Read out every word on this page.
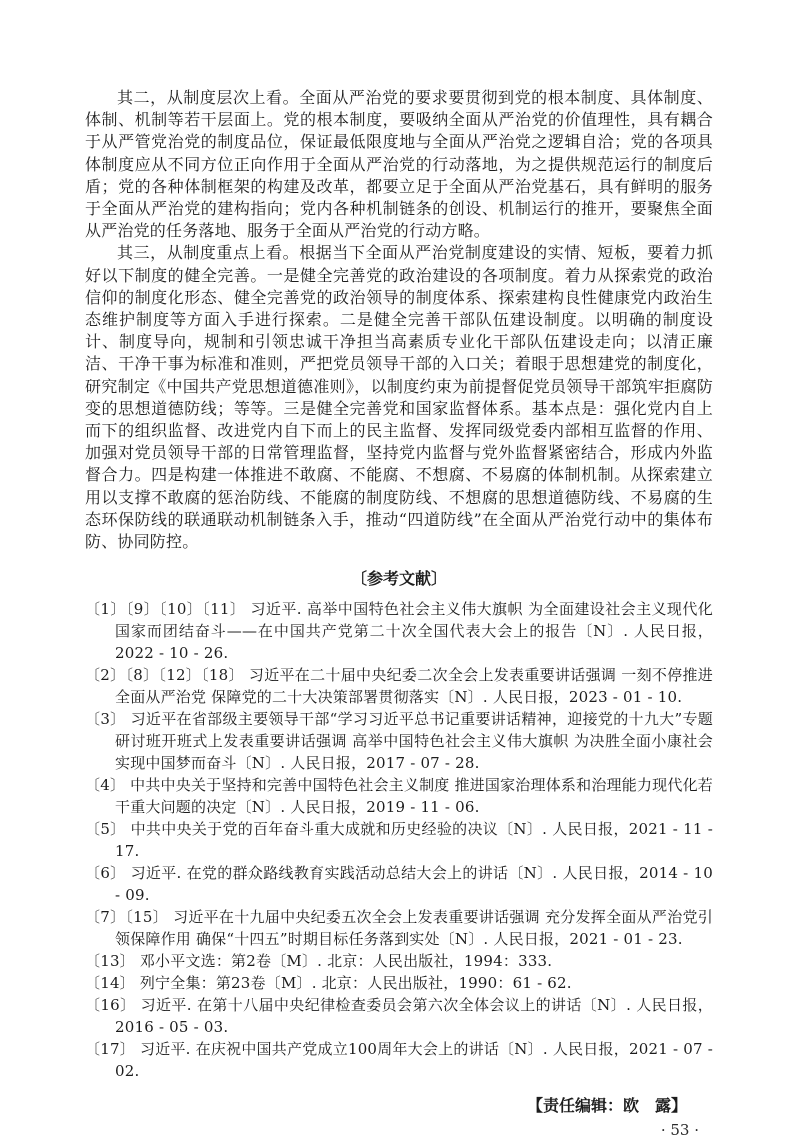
其二，从制度层次上看。全面从严治党的要求要贯彻到党的根本制度、具体制度、体制、机制等若干层面上。党的根本制度，要吸纳全面从严治党的价值理性，具有耦合于从严管党治党的制度品位，保证最低限度地与全面从严治党之逻辑自洽；党的各项具体制度应从不同方位正向作用于全面从严治党的行动落地，为之提供规范运行的制度后盾；党的各种体制框架的构建及改革，都要立足于全面从严治党基石，具有鲜明的服务于全面从严治党的建构指向；党内各种机制链条的创设、机制运行的推开，要聚焦全面从严治党的任务落地、服务于全面从严治党的行动方略。

其三，从制度重点上看。根据当下全面从严治党制度建设的实情、短板，要着力抓好以下制度的健全完善。一是健全完善党的政治建设的各项制度。着力从探索党的政治信仰的制度化形态、健全完善党的政治领导的制度体系、探索建构良性健康党内政治生态维护制度等方面入手进行探索。二是健全完善干部队伍建设制度。以明确的制度设计、制度导向，规制和引领忠诚干净担当高素质专业化干部队伍建设走向；以清正廉洁、干净干事为标准和准则，严把党员领导干部的入口关；着眼于思想建党的制度化，研究制定《中国共产党思想道德准则》，以制度约束为前提督促党员领导干部筑牢拒腐防变的思想道德防线；等等。三是健全完善党和国家监督体系。基本点是：强化党内自上而下的组织监督、改进党内自下而上的民主监督、发挥同级党委内部相互监督的作用、加强对党员领导干部的日常管理监督，坚持党内监督与党外监督紧密结合，形成内外监督合力。四是构建一体推进不敢腐、不能腐、不想腐、不易腐的体制机制。从探索建立用以支撑不敢腐的惩治防线、不能腐的制度防线、不想腐的思想道德防线、不易腐的生态环保防线的联通联动机制链条入手，推动“四道防线”在全面从严治党行动中的集体布防、协同防控。

〔参考文献〕
〔1〕〔9〕〔10〕〔11〕 习近平. 高举中国特色社会主义伟大旗帜 为全面建设社会主义现代化国家而团结奋斗——在中国共产党第二十次全国代表大会上的报告〔N〕. 人民日报，2022 - 10 - 26.
〔2〕〔8〕〔12〕〔18〕 习近平在二十届中央纪委二次全会上发表重要讲话强调 一刻不停推进全面从严治党 保障党的二十大决策部署贯彻落实〔N〕. 人民日报，2023 - 01 - 10.
〔3〕 习近平在省部级主要领导干部“学习习近平总书记重要讲话精神，迎接党的十九大”专题研讨班开班式上发表重要讲话强调 高举中国特色社会主义伟大旗帜 为决胜全面小康社会实现中国梦而奋斗〔N〕. 人民日报，2017 - 07 - 28.
〔4〕 中共中央关于坚持和完善中国特色社会主义制度 推进国家治理体系和治理能力现代化若干重大问题的决定〔N〕. 人民日报，2019 - 11 - 06.
〔5〕 中共中央关于党的百年奋斗重大成就和历史经验的决议〔N〕. 人民日报，2021 - 11 - 17.
〔6〕 习近平. 在党的群众路线教育实践活动总结大会上的讲话〔N〕. 人民日报，2014 - 10 - 09.
〔7〕〔15〕 习近平在十九届中央纪委五次全会上发表重要讲话强调 充分发挥全面从严治党引领保障作用 确保“十四五”时期目标任务落到实处〔N〕. 人民日报，2021 - 01 - 23.
〔13〕 邓小平文选：第2卷〔M〕. 北京：人民出版社，1994：333.
〔14〕 列宁全集：第23卷〔M〕. 北京：人民出版社，1990：61 - 62.
〔16〕 习近平. 在第十八届中央纪律检查委员会第六次全体会议上的讲话〔N〕. 人民日报，2016 - 05 - 03.
〔17〕 习近平. 在庆祝中国共产党成立100周年大会上的讲话〔N〕. 人民日报，2021 - 07 - 02.
【责任编辑：欧　露】
· 53 ·
